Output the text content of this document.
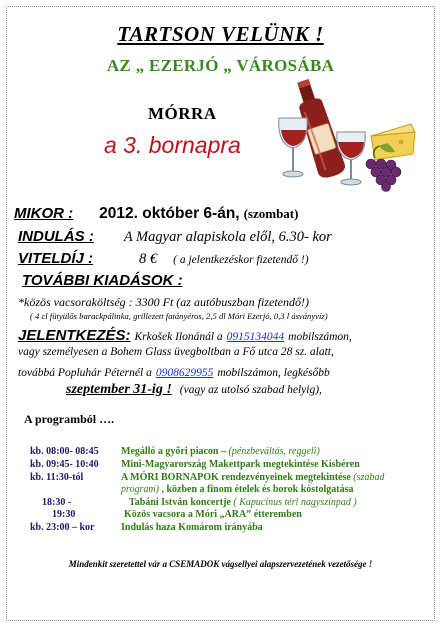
TARTSON VELÜNK !
AZ „ EZERJÓ „ VÁROSÁBA
MÓRRA
a 3. bornapra
MIKOR : 2012. október 6-án, (szombat)
INDULÁS : A Magyar alapiskola elől, 6.30- kor
VITELDÍJ :	8 € ( a jelentkezéskor fizetendő !)
TOVÁBBI KIADÁSOK :
*közös vacsoraköltség : 3300 Ft (az autóbuszban fizetendő!)
( 4 cl fütyülős barackpálinka, grillezett fatányéros, 2,5 dl Móri Ezerjó, 0,3 l ásványvíz)
JELENTKEZÉS: Krkošek Ilonánál a 0915134044 mobilszámon,
vagy személyesen a Bohem Glass üvegboltban a Fő utca 28 sz. alatt,
továbbá Popluhár Péternél a 0908629955 mobilszámon, legkésőbb
szeptember 31-ig ! (vagy az utolsó szabad helyig),
A programból ….
kb. 08:00- 08:45 Megálló a győri piacon – (pénzbeváltás, reggeli)
kb. 09:45- 10:40 Mini-Magyarország Makettpark megtekintése Kisbéren
kb. 11:30-tól	A MÓRI BORNAPOK rendezvényeinek megtekintése (szabad
program) , közben a finom ételek és borok kóstolgatása
18:30 -	Tabáni István koncertje ( Kapucinus téri nagyszínpad )
19:30	Közös vacsora a Móri „ARA” étteremben
kb. 23:00 – kor	Indulás haza Komárom irányába
Mindenkit szeretettel vár a CSEMADOK vágsellyei alapszervezetének vezetősége !
